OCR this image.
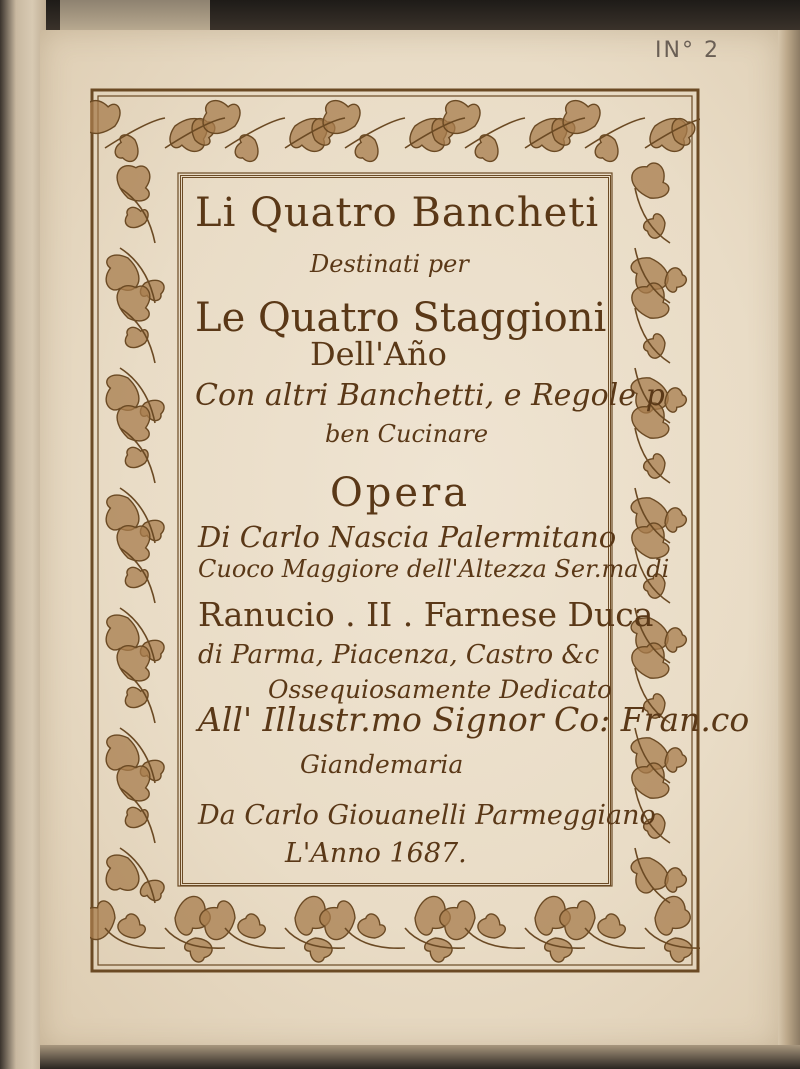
IN° 2
Li Quatro Bancheti
Destinati per
Le Quatro Staggioni
Dell'Año
Con altri Banchetti, e Regole p
ben Cucinare
Opera
Di Carlo Nascia Palermitano
Cuoco Maggiore dell'Altezza Ser.ma di
Ranucio . II . Farnese Duca
di Parma, Piacenza, Castro &c
Ossequiosamente Dedicato
All' Illustr.mo Signor Co: Fran.co
Giandemaria
Da Carlo Giouanelli Parmeggiano
L'Anno 1687.
